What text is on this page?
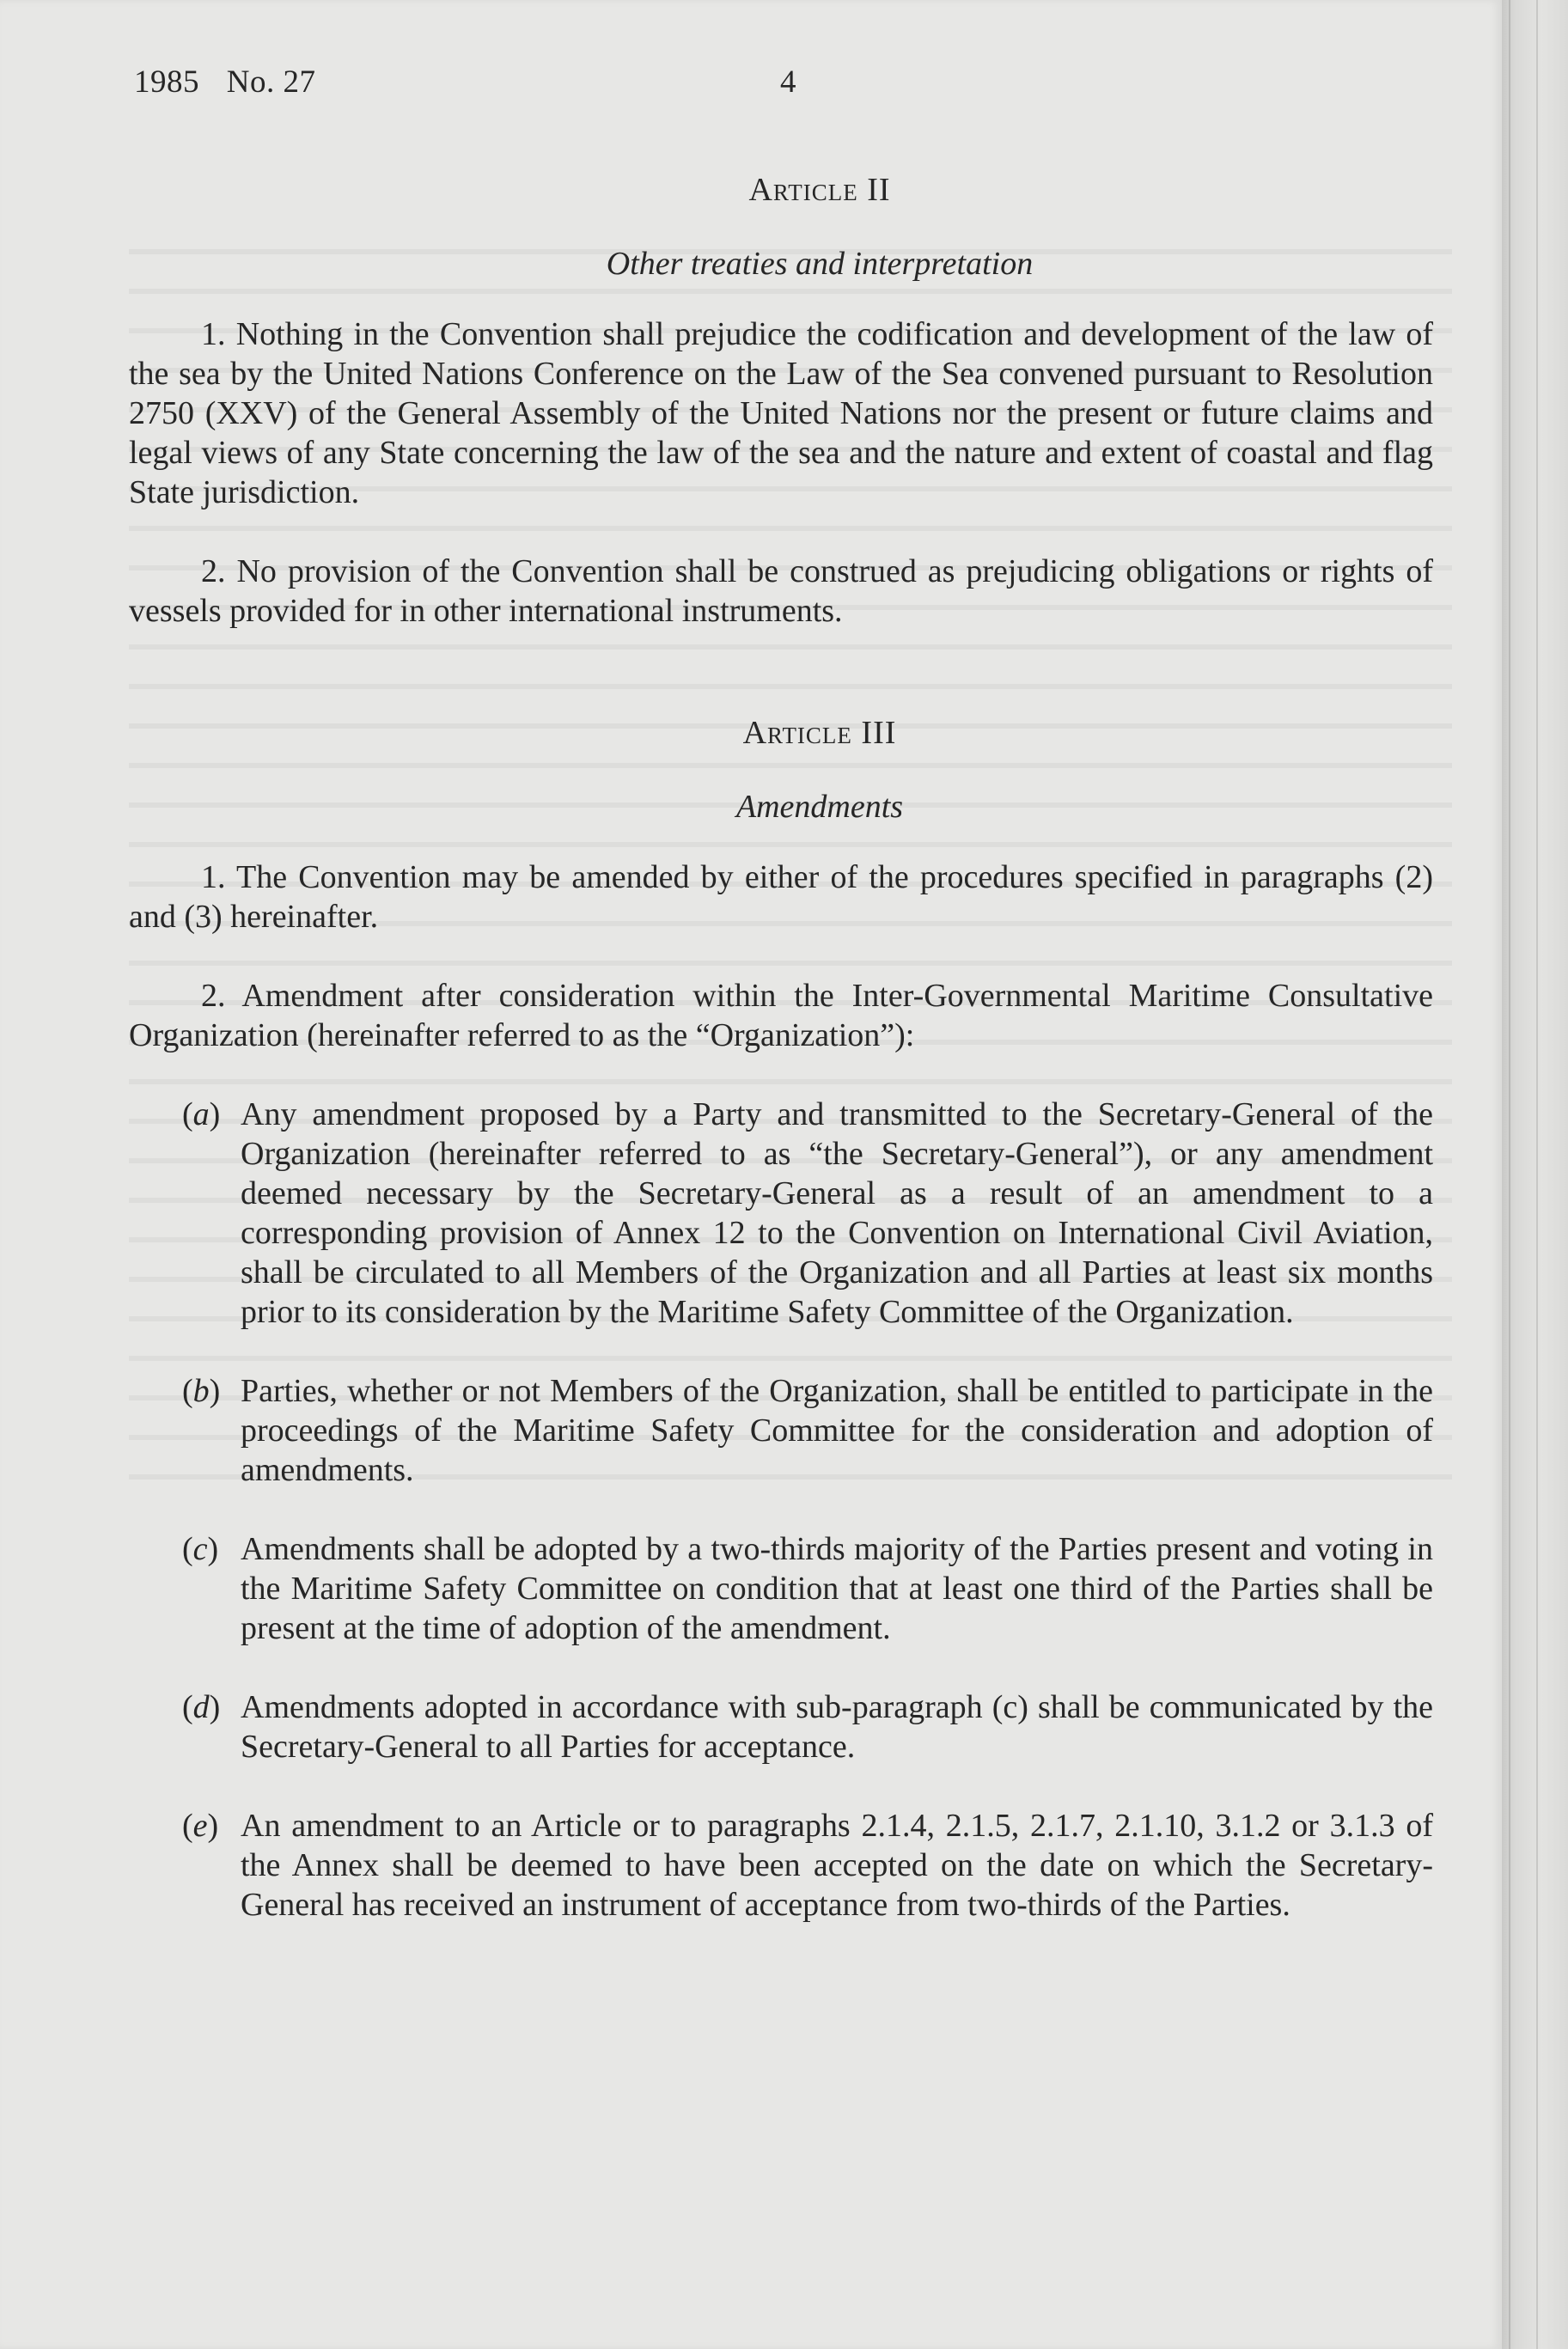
1985 No. 27	4
Article II
Other treaties and interpretation

1. Nothing in the Convention shall prejudice the codification and development of the law of the sea by the United Nations Conference on the Law of the Sea convened pursuant to Resolution 2750 (XXV) of the General Assembly of the United Nations nor the present or future claims and legal views of any State concerning the law of the sea and the nature and extent of coastal and flag State jurisdiction.

2. No provision of the Convention shall be construed as prejudicing obligations or rights of vessels provided for in other international instruments.

Article III
Amendments

1. The Convention may be amended by either of the procedures specified in paragraphs (2) and (3) hereinafter.

2. Amendment after consideration within the Inter-Governmental Maritime Consultative Organization (hereinafter referred to as the “Organization”):

(a) Any amendment proposed by a Party and transmitted to the Secretary-General of the Organization (hereinafter referred to as “the Secretary-General”), or any amendment deemed necessary by the Secretary-General as a result of an amendment to a corresponding provision of Annex 12 to the Convention on International Civil Aviation, shall be circulated to all Members of the Organization and all Parties at least six months prior to its consideration by the Maritime Safety Committee of the Organization.
(b) Parties, whether or not Members of the Organization, shall be entitled to participate in the proceedings of the Maritime Safety Committee for the consideration and adoption of amendments.
(c) Amendments shall be adopted by a two-thirds majority of the Parties present and voting in the Maritime Safety Committee on condition that at least one third of the Parties shall be present at the time of adoption of the amendment.
(d) Amendments adopted in accordance with sub-paragraph (c) shall be communicated by the Secretary-General to all Parties for acceptance.
(e) An amendment to an Article or to paragraphs 2.1.4, 2.1.5, 2.1.7, 2.1.10, 3.1.2 or 3.1.3 of the Annex shall be deemed to have been accepted on the date on which the Secretary-General has received an instrument of acceptance from two-thirds of the Parties.
